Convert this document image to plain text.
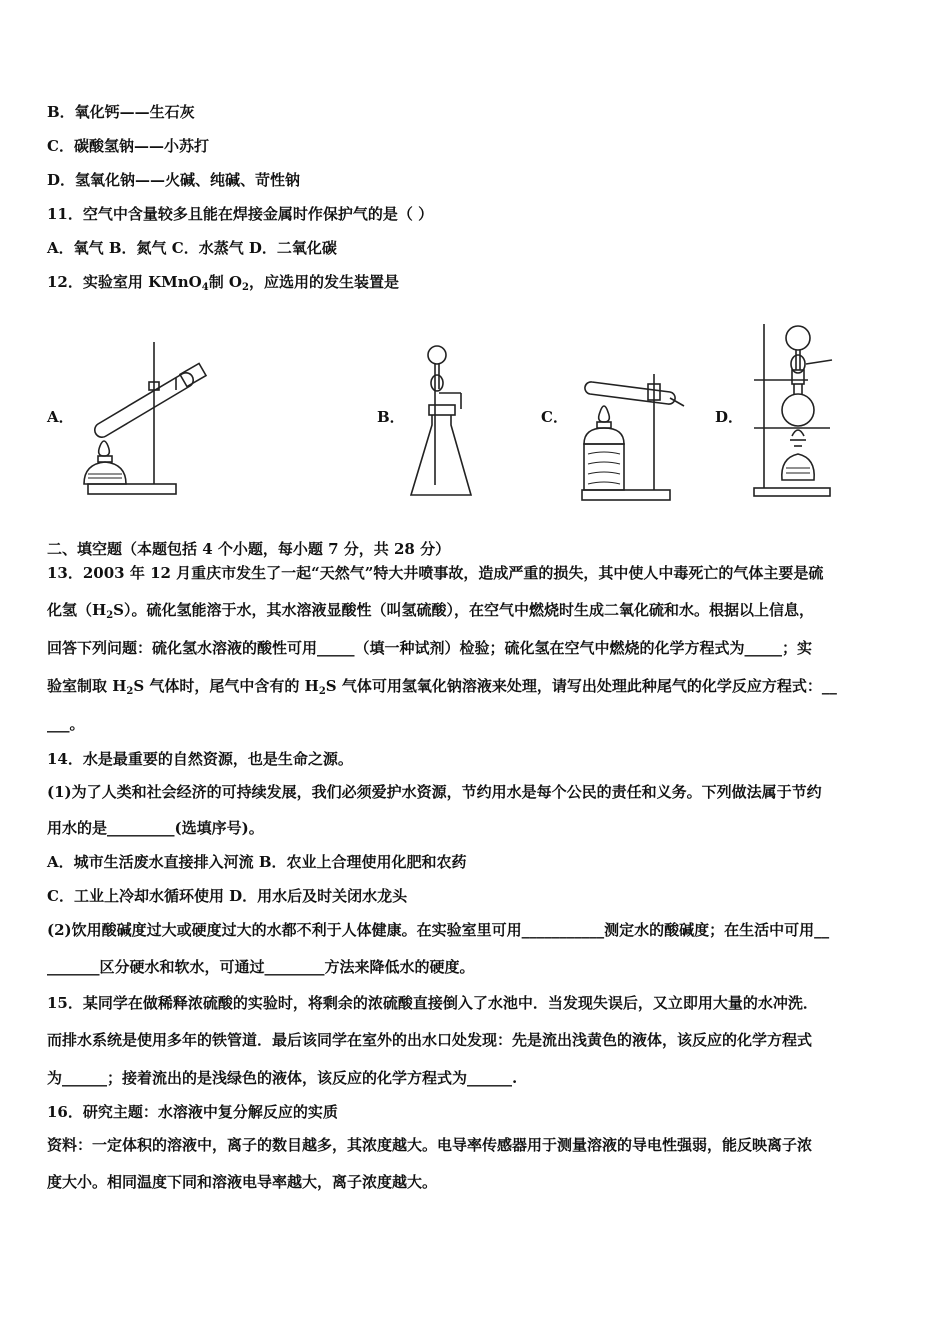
B．氧化钙——生石灰
C．碳酸氢钠——小苏打
D．氢氧化钠——火碱、纯碱、苛性钠
11．空气中含量较多且能在焊接金属时作保护气的是（ ）
A．氧气 B．氮气 C．水蒸气 D．二氧化碳
12．实验室用 KMnO$_4$制 $O_2$，应选用的发生装置是
A．	B．	C．	D．
二、填空题（本题包括 4 个小题，每小题 7 分，共 28 分）
13．2003 年 12 月重庆市发生了一起“天然气”特大井喷事故，造成严重的损失，其中使人中毒死亡的气体主要是硫
化氢$(H_2S)$。硫化氢能溶于水，其水溶液显酸性（叫氢硫酸），在空气中燃烧时生成二氧化硫和水。根据以上信息，
回答下列问题：硫化氢水溶液的酸性可用_____（填一种试剂）检验；硫化氢在空气中燃烧的化学方程式为_____；实
验室制取 $H_2S$ 气体时，尾气中含有的 $H_2S$ 气体可用氢氧化钠溶液来处理，请写出处理此种尾气的化学反应方程式：__
___。
14．水是最重要的自然资源，也是生命之源。
(1)为了人类和社会经济的可持续发展，我们必须爱护水资源，节约用水是每个公民的责任和义务。下列做法属于节约
用水的是_________(选填序号)。
A．城市生活废水直接排入河流 B．农业上合理使用化肥和农药
C．工业上冷却水循环使用 D．用水后及时关闭水龙头
(2)饮用酸碱度过大或硬度过大的水都不利于人体健康。在实验室里可用___________测定水的酸碱度；在生活中可用__
_______区分硬水和软水，可通过________方法来降低水的硬度。
15．某同学在做稀释浓硫酸的实验时，将剩余的浓硫酸直接倒入了水池中．当发现失误后，又立即用大量的水冲洗．
而排水系统是使用多年的铁管道．最后该同学在室外的出水口处发现：先是流出浅黄色的液体，该反应的化学方程式
为______；接着流出的是浅绿色的液体，该反应的化学方程式为______.
16．研究主题：水溶液中复分解反应的实质
资料：一定体积的溶液中，离子的数目越多，其浓度越大。电导率传感器用于测量溶液的导电性强弱，能反映离子浓
度大小。相同温度下同和溶液电导率越大，离子浓度越大。
